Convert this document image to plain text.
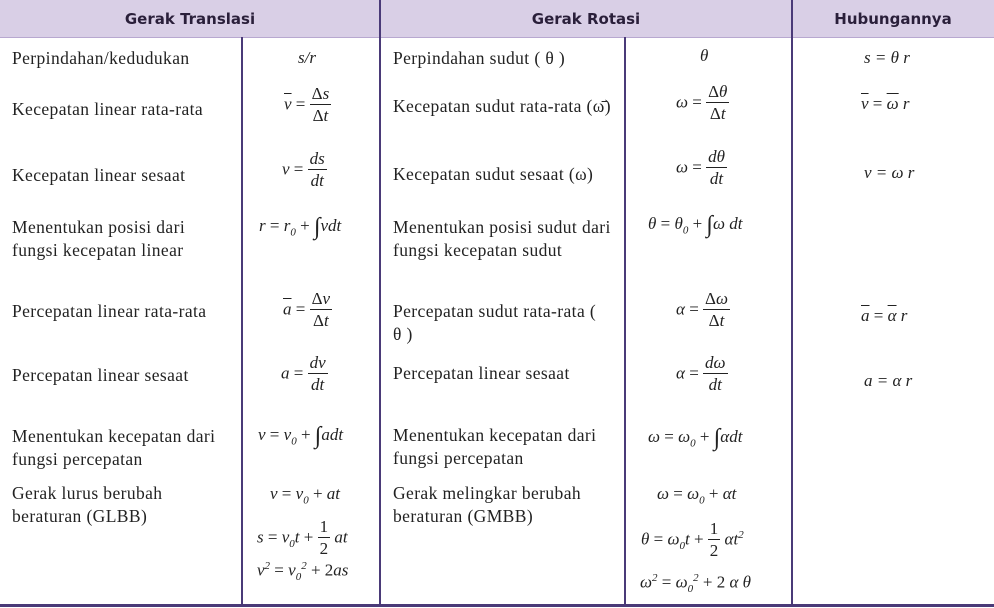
Gerak Translasi	Gerak Rotasi	Hubungannya
Perpindahan/kedudukan
Kecepatan linear rata-rata
Kecepatan linear sesaat
Menentukan posisi dari fungsi kecepatan linear
Percepatan linear rata-rata
Percepatan linear sesaat
Menentukan kecepatan dari fungsi percepatan
Gerak lurus berubah beraturan (GLBB)
Perpindahan sudut ( θ )
Kecepatan sudut rata-rata (ω̄)
Kecepatan sudut sesaat (ω)
Menentukan posisi sudut dari fungsi kecepatan sudut
Percepatan sudut rata-rata ( θ )
Percepatan linear sesaat
Menentukan kecepatan dari fungsi percepatan
Gerak melingkar berubah beraturan (GMBB)
s/r
$\overline{v} = \frac{\Delta s}{\Delta t}$
$v = \frac{ds}{dt}$
$r = r_0 + \int vdt$
$\overline{a} = \frac{\Delta v}{\Delta t}$
$a = \frac{dv}{dt}$
$v = v_0 + \int adt$
$v = v_0$ + at
$s = v_0t + \frac{1}{2}$ at
$v^2 = v_0^2 + 2as$
θ
$\omega = \frac{\Delta\theta}{\Delta t}$
$\omega = \frac{d\theta}{dt}$
$\theta = \theta_0 + \int\omega$ dt
$\alpha = \frac{\Delta\omega}{\Delta t}$
$\alpha = \frac{d\omega}{dt}$
$\omega = \omega_0 + \int\alpha dt$
$\omega = \omega_0 + \alpha t$
$\theta = \omega_0t + \frac{1}{2} \alpha t^2$
$\omega^2 = \omega_0^2 + 2$ α θ
s = θ r
$\overline{v} = \overline{\omega}$ r
v = ω r
$\overline{a} = \overline{\alpha}$ r
a = α r
